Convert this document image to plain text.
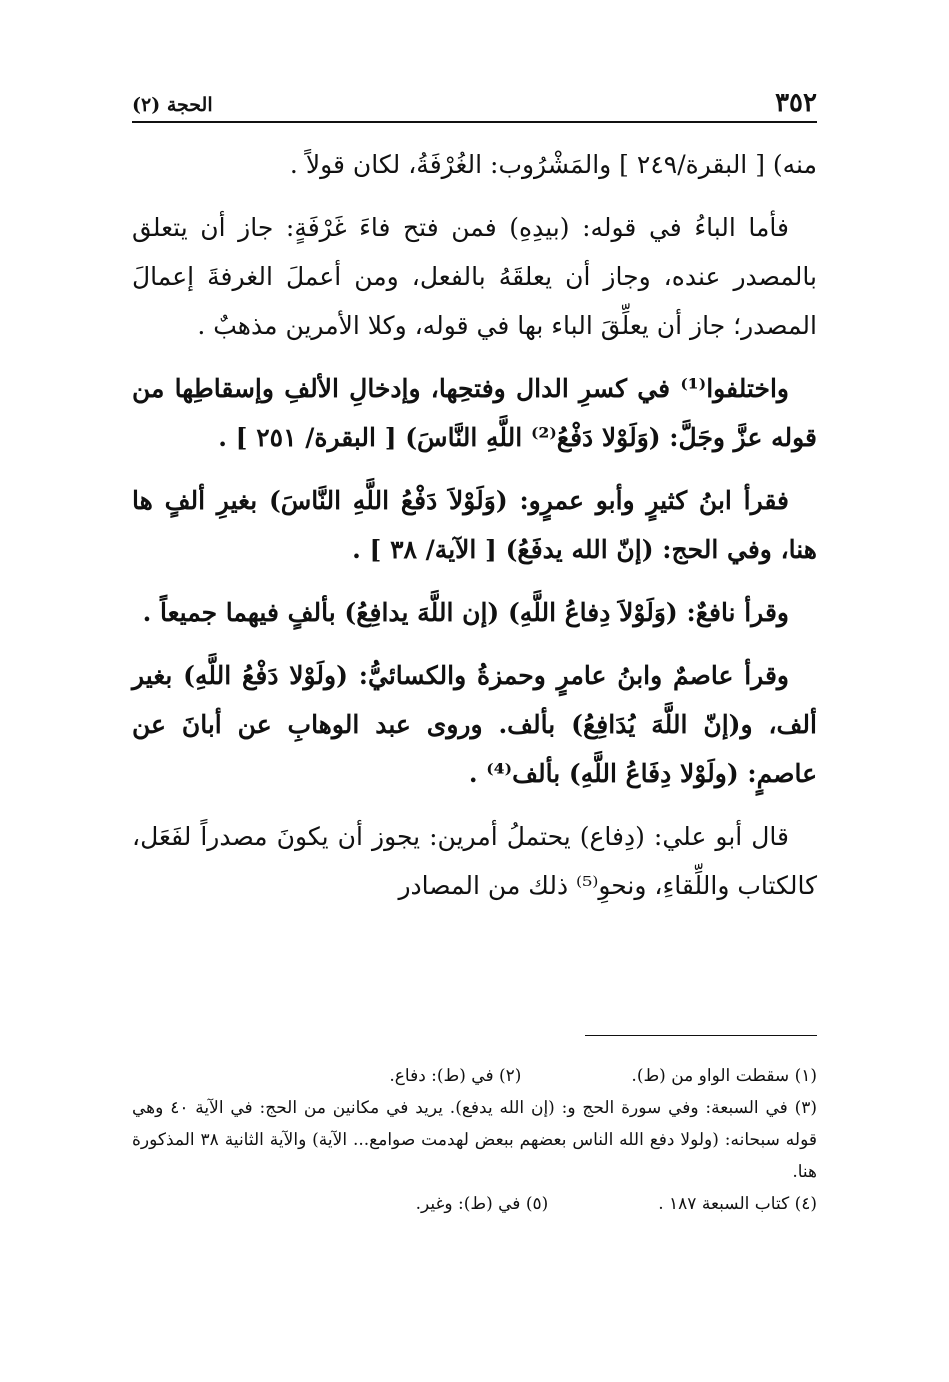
٣٥٢
الحجة (٢)

منه) [ البقرة/٢٤٩ ] والمَشْرُوب: الغُرْفَةُ، لكان قولاً .

فأما الباءُ في قوله: (بيدِهِ) فمن فتح فاءَ غَرْفَةٍ: جاز أن يتعلق بالمصدر عنده، وجاز أن يعلقَهُ بالفعل، ومن أعملَ الغرفةَ إعمالَ المصدر؛ جاز أن يعلِّقَ الباء بها في قوله، وكلا الأمرين مذهبٌ .

واختلفوا⁽¹⁾ في كسرِ الدال وفتحِها، وإدخالِ الألفِ وإسقاطِها من قوله عزَّ وجَلَّ: (وَلَوْلا دَفْعُ⁽²⁾ اللَّهِ النَّاسَ) [ البقرة/ ٢٥١ ] .

فقرأ ابنُ كثيرٍ وأبو عمرٍو: (وَلَوْلاَ دَفْعُ اللَّهِ النَّاسَ) بغيرِ ألفٍ ها هنا، وفي الحج: (إنّ الله يدفَعُ) [ الآية/ ٣٨ ] .

وقرأ نافعٌ: (وَلَوْلاَ دِفاعُ اللَّهِ) (إن اللَّهَ يدافِعُ) بألفٍ فيهما جميعاً .

وقرأ عاصمٌ وابنُ عامرٍ وحمزةُ والكسائيُّ: (ولَوْلا دَفْعُ اللَّهِ) بغير ألف، و(إنّ اللَّهَ يُدَافِعُ) بألف. وروى عبد الوهابِ عن أبانَ عن عاصمٍ: (ولَوْلا دِفَاعُ اللَّهِ) بألف⁽⁴⁾ .

قال أبو علي: (دِفاع) يحتملُ أمرين: يجوز أن يكونَ مصدراً لفَعَل، كالكتاب واللِّقاءِ، ونحوِ⁽⁵⁾ ذلك من المصادر

(١) سقطت الواو من (ط).
(٢) في (ط): دفاع.
(٣) في السبعة: وفي سورة الحج و: (إن الله يدفع). يريد في مكانين من الحج: في الآية ٤٠ وهي قوله سبحانه: (ولولا دفع الله الناس بعضهم ببعض لهدمت صوامع... الآية) والآية الثانية ٣٨ المذكورة هنا.
(٤) كتاب السبعة ١٨٧ .
(٥) في (ط): وغير.
